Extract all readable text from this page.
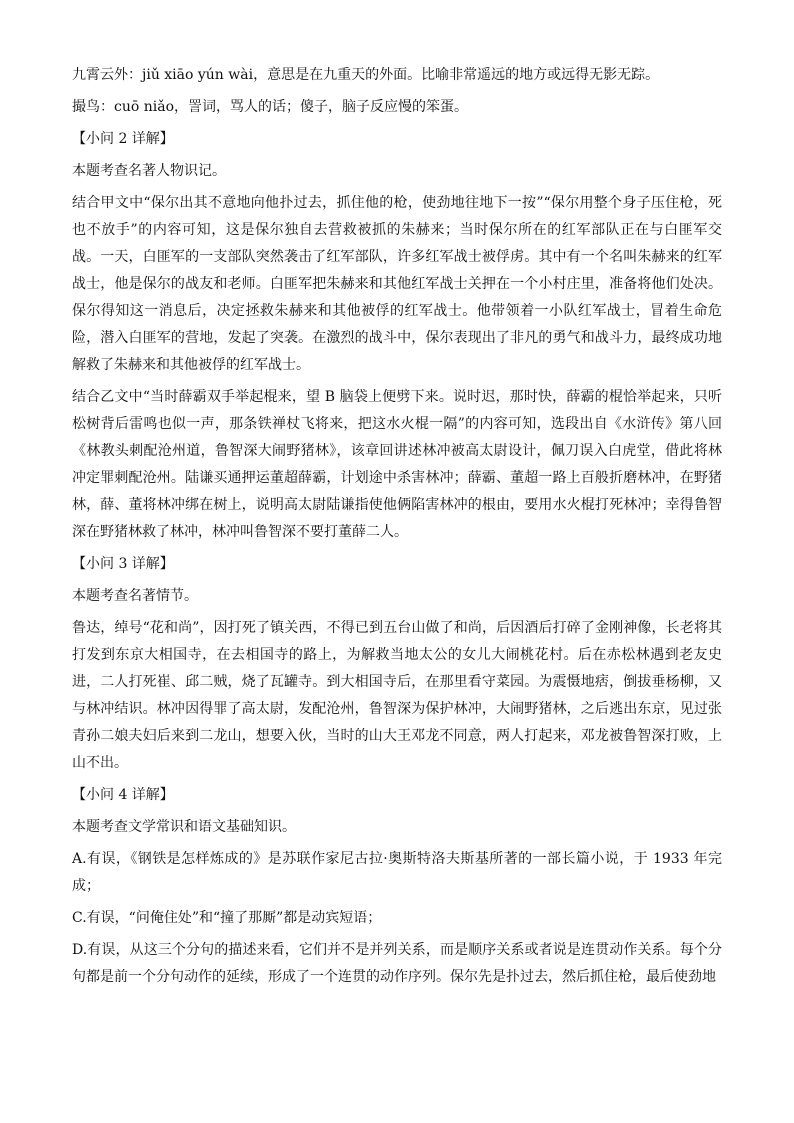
九霄云外：jiǔ xiāo yún wài，意思是在九重天的外面。比喻非常遥远的地方或远得无影无踪。

撮鸟：cuō niǎo，詈词，骂人的话；傻子，脑子反应慢的笨蛋。

【小问 2 详解】

本题考查名著人物识记。

结合甲文中“保尔出其不意地向他扑过去，抓住他的枪，使劲地往地下一按”“保尔用整个身子压住枪，死也不放手”的内容可知，这是保尔独自去营救被抓的朱赫来；当时保尔所在的红军部队正在与白匪军交战。一天，白匪军的一支部队突然袭击了红军部队，许多红军战士被俘虏。其中有一个名叫朱赫来的红军战士，他是保尔的战友和老师。白匪军把朱赫来和其他红军战士关押在一个小村庄里，准备将他们处决。保尔得知这一消息后，决定拯救朱赫来和其他被俘的红军战士。他带领着一小队红军战士，冒着生命危险，潜入白匪军的营地，发起了突袭。在激烈的战斗中，保尔表现出了非凡的勇气和战斗力，最终成功地解救了朱赫来和其他被俘的红军战士。

结合乙文中“当时薛霸双手举起棍来，望 B 脑袋上便劈下来。说时迟，那时快，薛霸的棍恰举起来，只听松树背后雷鸣也似一声，那条铁禅杖飞将来，把这水火棍一隔”的内容可知，选段出自《水浒传》第八回《林教头刺配沧州道，鲁智深大闹野猪林》，该章回讲述林冲被高太尉设计，佩刀误入白虎堂，借此将林冲定罪刺配沧州。陆谦买通押运董超薛霸，计划途中杀害林冲；薛霸、董超一路上百般折磨林冲，在野猪林，薛、董将林冲绑在树上，说明高太尉陆谦指使他俩陷害林冲的根由，要用水火棍打死林冲；幸得鲁智深在野猪林救了林冲，林冲叫鲁智深不要打董薛二人。

【小问 3 详解】

本题考查名著情节。

鲁达，绰号“花和尚”，因打死了镇关西，不得已到五台山做了和尚，后因酒后打碎了金刚神像，长老将其打发到东京大相国寺，在去相国寺的路上，为解救当地太公的女儿大闹桃花村。后在赤松林遇到老友史进，二人打死崔、邱二贼，烧了瓦罐寺。到大相国寺后，在那里看守菜园。为震慑地痞，倒拔垂杨柳，又与林冲结识。林冲因得罪了高太尉，发配沧州，鲁智深为保护林冲，大闹野猪林，之后逃出东京，见过张青孙二娘夫妇后来到二龙山，想要入伙，当时的山大王邓龙不同意，两人打起来，邓龙被鲁智深打败，上山不出。

【小问 4 详解】

本题考查文学常识和语文基础知识。

A.有误，《钢铁是怎样炼成的》是苏联作家尼古拉·奥斯特洛夫斯基所著的一部长篇小说，于 1933 年完成；

C.有误，“问俺住处”和“撞了那厮”都是动宾短语；

D.有误，从这三个分句的描述来看，它们并不是并列关系，而是顺序关系或者说是连贯动作关系。每个分句都是前一个分句动作的延续，形成了一个连贯的动作序列。保尔先是扑过去，然后抓住枪，最后使劲地
